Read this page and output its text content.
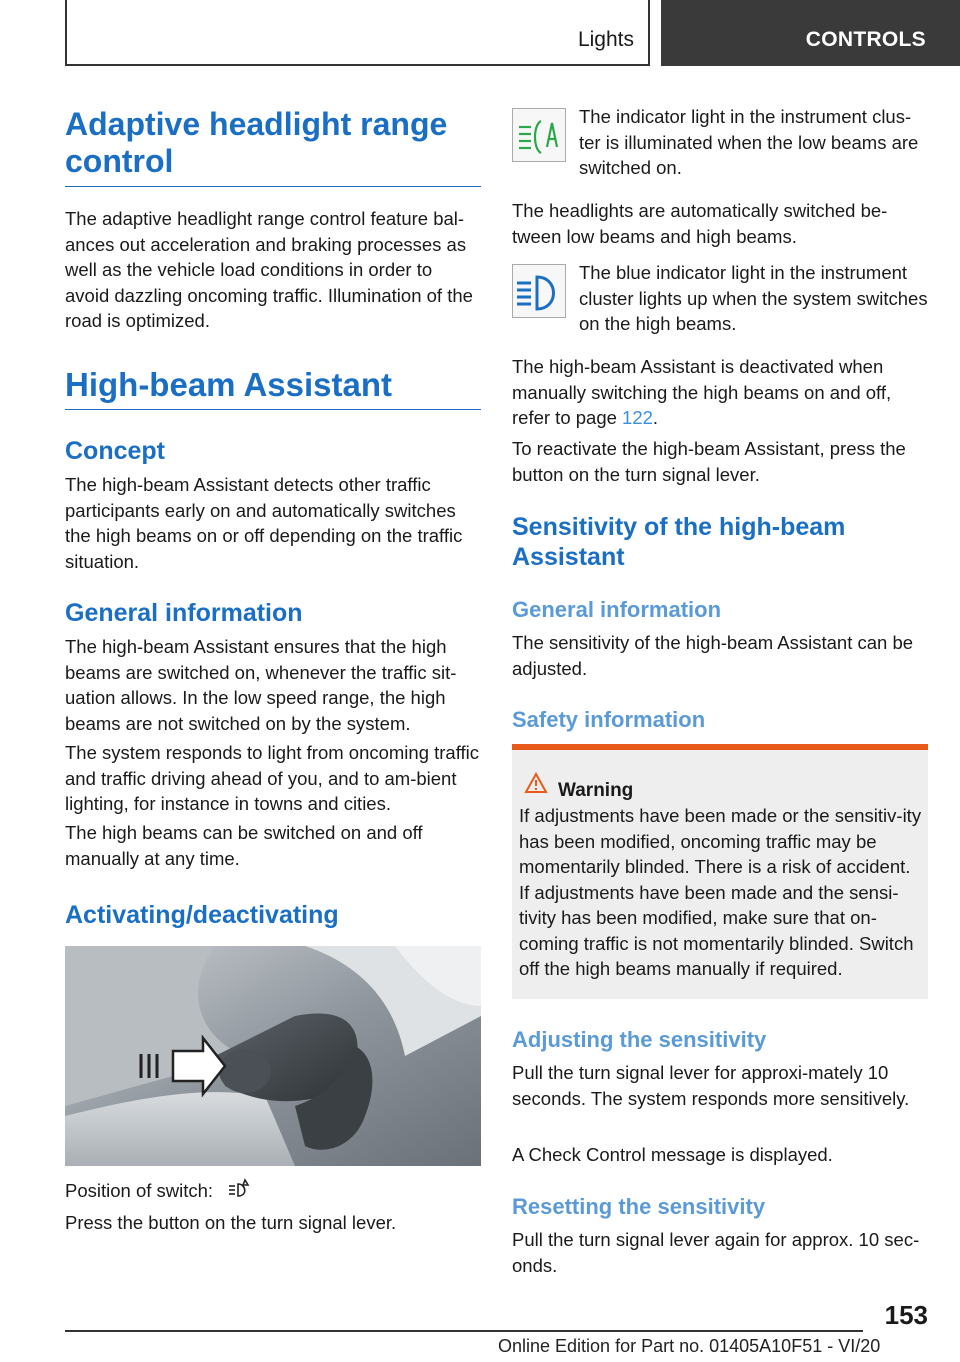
Lights	CONTROLS
Adaptive headlight range control
The adaptive headlight range control feature bal-ances out acceleration and braking processes as well as the vehicle load conditions in order to avoid dazzling oncoming traffic. Illumination of the road is optimized.
High-beam Assistant
Concept
The high-beam Assistant detects other traffic participants early on and automatically switches the high beams on or off depending on the traffic situation.
General information
The high-beam Assistant ensures that the high beams are switched on, whenever the traffic sit-uation allows. In the low speed range, the high beams are not switched on by the system.
The system responds to light from oncoming traffic and traffic driving ahead of you, and to am-bient lighting, for instance in towns and cities.
The high beams can be switched on and off manually at any time.
Activating/deactivating
Position of switch:
Press the button on the turn signal lever.
The indicator light in the instrument clus-ter is illuminated when the low beams are switched on.
The headlights are automatically switched be-tween low beams and high beams.
The blue indicator light in the instrument cluster lights up when the system switches on the high beams.
The high-beam Assistant is deactivated when manually switching the high beams on and off, refer to page 122.
To reactivate the high-beam Assistant, press the button on the turn signal lever.
Sensitivity of the high-beam Assistant
General information
The sensitivity of the high-beam Assistant can be adjusted.
Safety information
Warning
If adjustments have been made or the sensitiv-ity has been modified, oncoming traffic may be momentarily blinded. There is a risk of accident. If adjustments have been made and the sensi-tivity has been modified, make sure that on-coming traffic is not momentarily blinded. Switch off the high beams manually if required.
Adjusting the sensitivity
Pull the turn signal lever for approxi-mately 10 seconds. The system responds more sensitively.
A Check Control message is displayed.
Resetting the sensitivity
Pull the turn signal lever again for approx. 10 sec-onds.
153
Online Edition for Part no. 01405A10F51 - VI/20
